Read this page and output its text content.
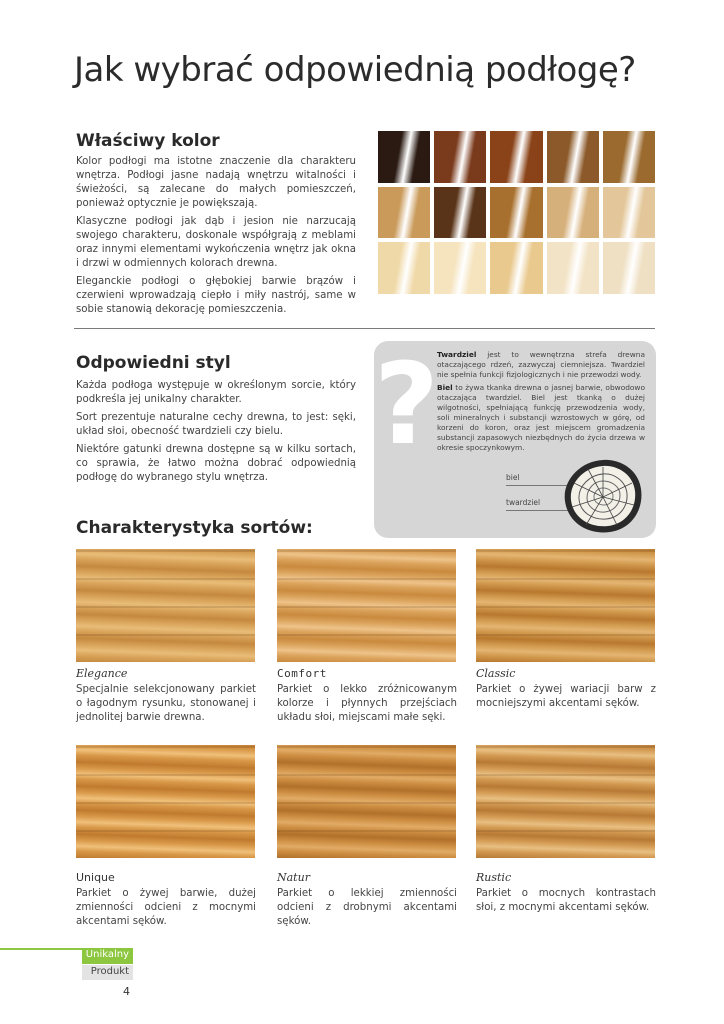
Jak wybrać odpowiednią podłogę?
Właściwy kolor

Kolor podłogi ma istotne znaczenie dla charakteru wnętrza. Podłogi jasne nadają wnętrzu witalności i świeżości, są zalecane do małych pomieszczeń, ponieważ optycznie je powiększają.

Klasyczne podłogi jak dąb i jesion nie narzucają swojego charakteru, doskonale współgrają z meblami oraz innymi elementami wykończenia wnętrz jak okna i drzwi w odmiennych kolorach drewna.

Eleganckie podłogi o głębokiej barwie brązów i czerwieni wprowadzają ciepło i miły nastrój, same w sobie stanowią dekorację pomieszczenia.

Odpowiedni styl

Każda podłoga występuje w określonym sorcie, który podkreśla jej unikalny charakter.

Sort prezentuje naturalne cechy drewna, to jest: sęki, układ słoi, obecność twardzieli czy bielu.

Niektóre gatunki drewna dostępne są w kilku sortach, co sprawia, że łatwo można dobrać odpowiednią podłogę do wybranego stylu wnętrza.

?

Twardziel jest to wewnętrzna strefa drewna otaczającego rdzeń, zazwyczaj ciemniejsza. Twardziel nie spełnia funkcji fizjologicznych i nie przewodzi wody.

Biel to żywa tkanka drewna o jasnej barwie, obwodowo otaczająca twardziel. Biel jest tkanką o dużej wilgotności, spełniającą funkcję przewodzenia wody, soli mineralnych i substancji wzrostowych w górę, od korzeni do koron, oraz jest miejscem gromadzenia substancji zapasowych niezbędnych do życia drzewa w okresie spoczynkowym.

biel
twardziel
Charakterystyka sortów:
Elegance
Specjalnie selekcjonowany parkiet o łagodnym rysunku, stonowanej i jednolitej barwie drewna.
Comfort
Parkiet o lekko zróżnicowanym kolorze i płynnych przejściach układu słoi, miejscami małe sęki.
Classic
Parkiet o żywej wariacji barw z mocniejszymi akcentami sęków.
Unique
Parkiet o żywej barwie, dużej zmienności odcieni z mocnymi akcentami sęków.
Natur
Parkiet o lekkiej zmienności odcieni z drobnymi akcentami sęków.
Rustic
Parkiet o mocnych kontrastach słoi, z mocnymi akcentami sęków.
Unikalny
Produkt
4
